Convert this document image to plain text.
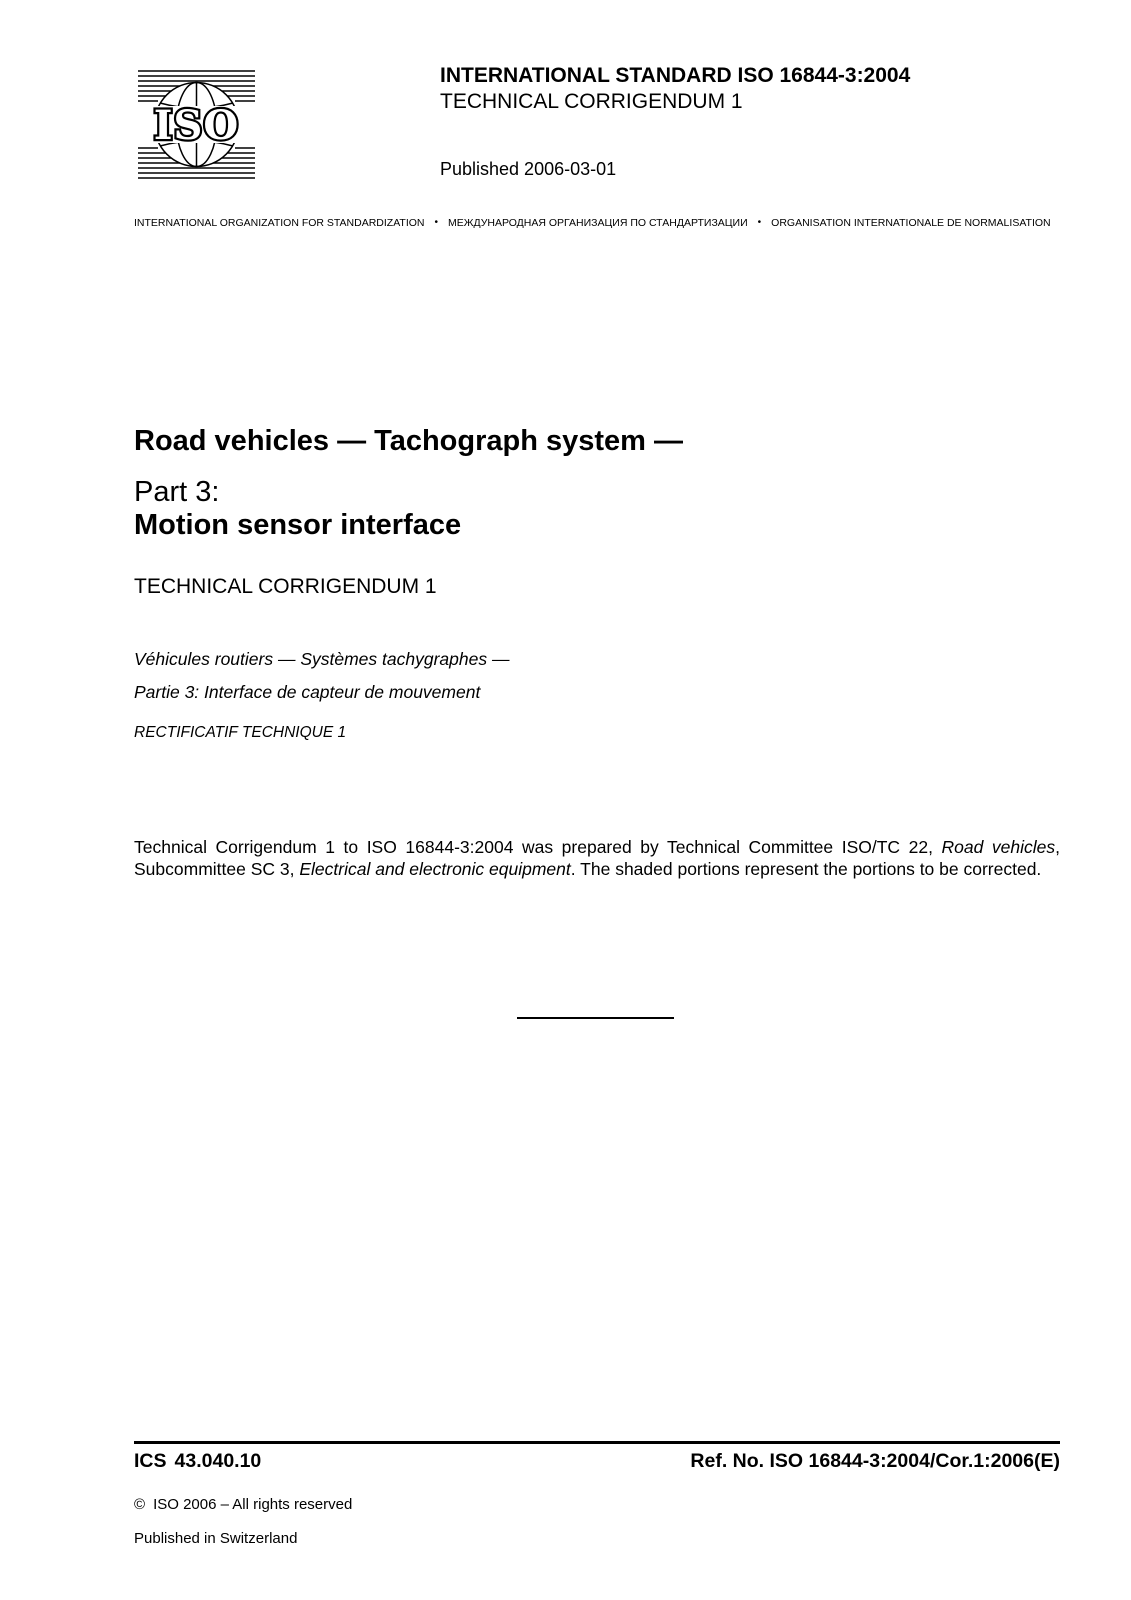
ISO
INTERNATIONAL STANDARD ISO 16844-3:2004
TECHNICAL CORRIGENDUM 1
Published 2006-03-01
INTERNATIONAL ORGANIZATION FOR STANDARDIZATION • МЕЖДУНАРОДНАЯ ОРГАНИЗАЦИЯ ПО СТАНДАРТИЗАЦИИ • ORGANISATION INTERNATIONALE DE NORMALISATION
Road vehicles — Tachograph system —
Part 3:
Motion sensor interface
TECHNICAL CORRIGENDUM 1
Véhicules routiers — Systèmes tachygraphes —
Partie 3: Interface de capteur de mouvement
RECTIFICATIF TECHNIQUE 1
Technical Corrigendum 1 to ISO 16844-3:2004 was prepared by Technical Committee ISO/TC 22, Road vehicles, Subcommittee SC 3, Electrical and electronic equipment. The shaded portions represent the portions to be corrected.
ICS 43.040.10	Ref. No. ISO 16844-3:2004/Cor.1:2006(E)
© ISO 2006 – All rights reserved
Published in Switzerland
